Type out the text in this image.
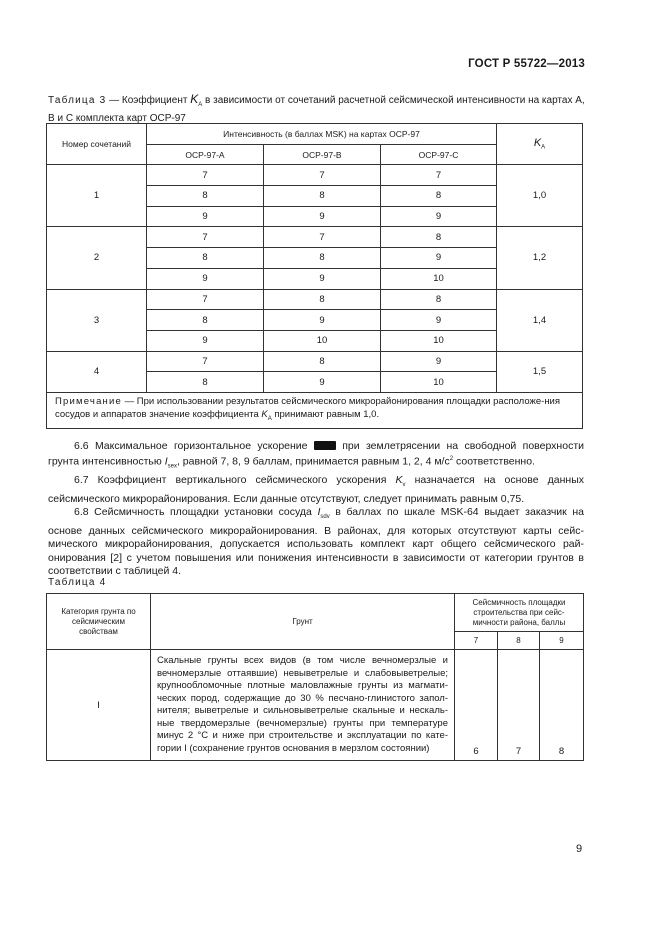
ГОСТ Р 55722—2013
Таблица 3 — Коэффициент $K_A$ в зависимости от сочетаний расчетной сейсмической интенсивности на картах А,
В и С комплекта карт ОСР-97
Номер сочетаний	Интенсивность (в баллах MSK) на картах ОСР-97			$K_A$
	ОСР-97-А	ОСР-97-В	ОСР-97-С	
1	7	7	7	1,0
	8	8	8	
	9	9	9	
2	7	7	8	1,2
	8	8	9	
	9	9	10	
3	7	8	8	1,4
	8	9	9	
	9	10	10	
4	7	8	9	1,5
	8	9	10	
Примечание — При использовании результатов сейсмического микрорайонирования площадки расположе-ния сосудов и аппаратов значение коэффициента $K_A$ принимают равным 1,0.				

6.6 Максимальное горизонтальное ускорение  при землетрясении на свободной поверхности грунта интенсивностью $I_{sex}$, равной 7, 8, 9 баллам, принимается равным 1, 2, 4 $м/с^2$ соответственно.

6.7 Коэффициент вертикального сейсмического ускорения $K_v$ назначается на основе данных сейсмического микрорайонирования. Если данные отсутствуют, следует принимать равным 0,75.

6.8 Сейсмичность площадки установки сосуда $I_{sdv}$ в баллах по шкале MSK-64 выдает заказчик на основе данных сейсмического микрорайонирования. В районах, для которых отсутствуют карты сейс-мического микрорайонирования, допускается использовать комплект карт общего сейсмического рай-онирования [2] с учетом повышения или понижения интенсивности в зависимости от категории грунтов в соответствии с таблицей 4.

Таблица 4
Категория грунта по сейсмическим свойствам	Грунт	Сейсмичность площадки строительства при сейс-мичности района, баллы		
		7	8	9
I	Скальные грунты всех видов (в том числе вечномерзлые и вечномерзлые оттаявшие) невыветрелые и слабовыветрелые; крупнообломочные плотные маловлажные грунты из магмати-ческих пород, содержащие до 30 % песчано-глинистого запол-нителя; выветрелые и сильновыветрелые скальные и нескаль-ные твердомерзлые (вечномерзлые) грунты при температуре минус 2 °С и ниже при строительстве и эксплуатации по кате-гории I (сохранение грунтов основания в мерзлом состоянии)	6	7	8
9
